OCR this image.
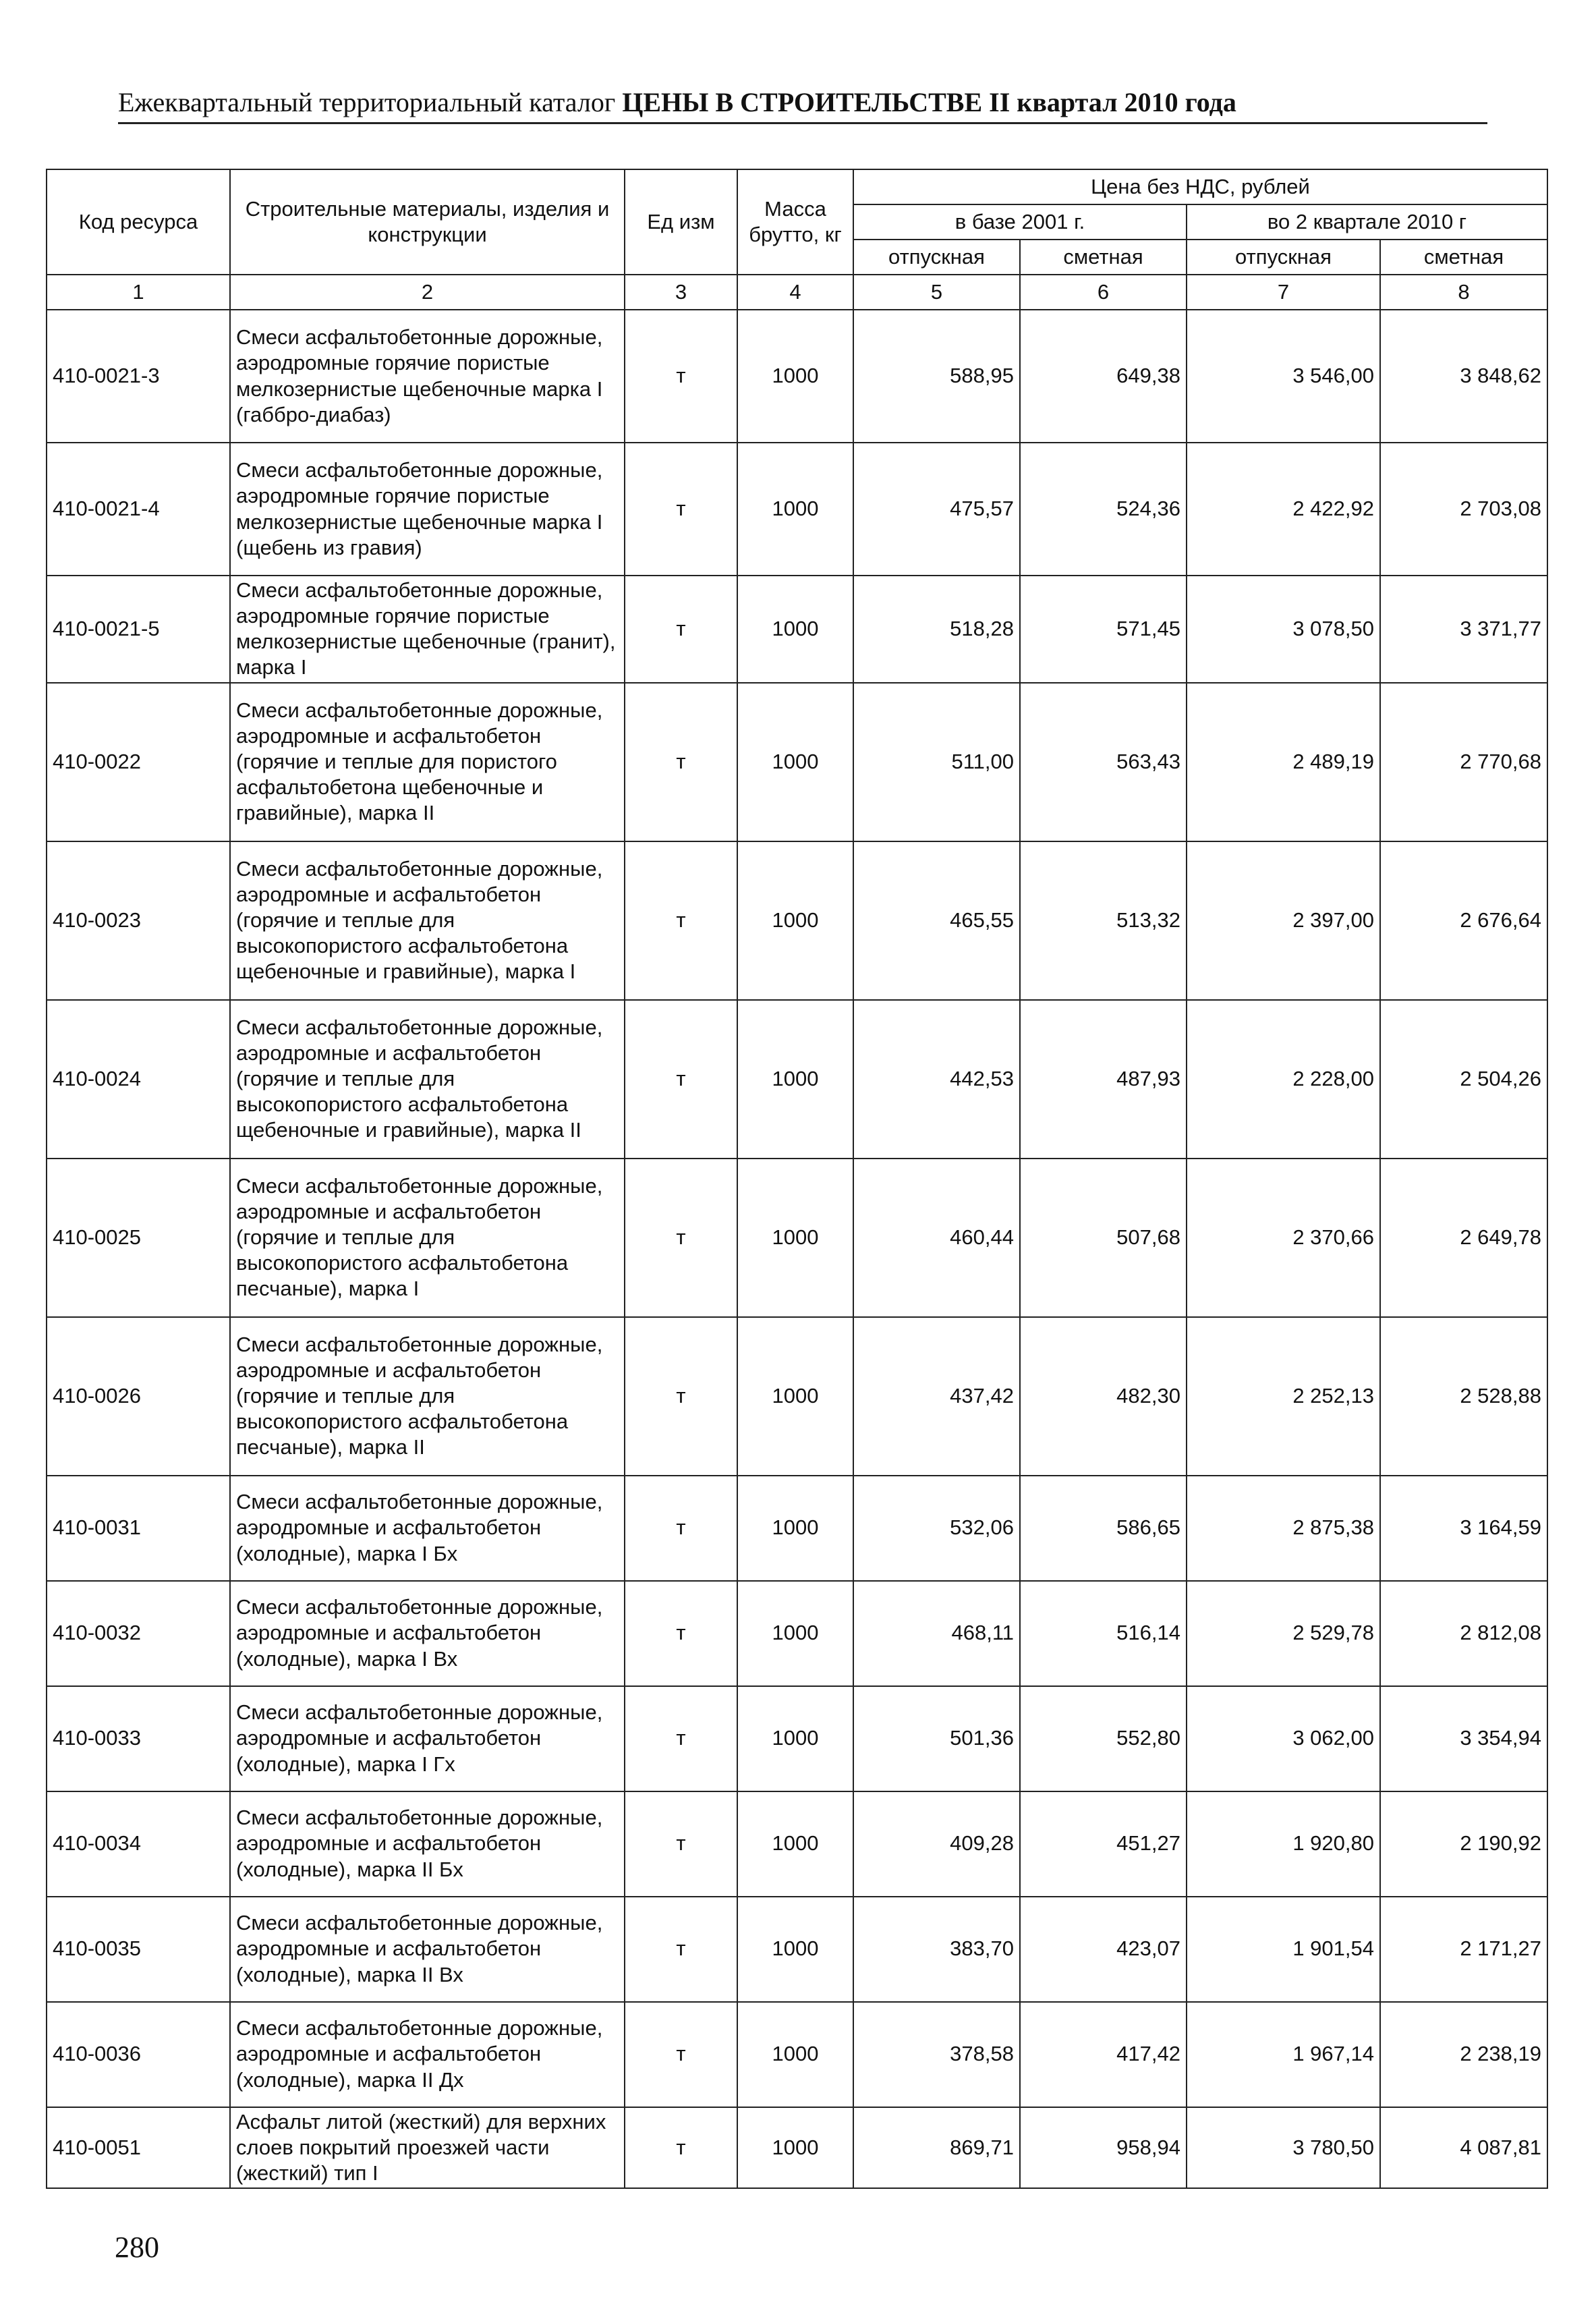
Ежеквартальный территориальный каталог ЦЕНЫ В СТРОИТЕЛЬСТВЕ II квартал 2010 года
Код ресурса	Строительные материалы, изделия и конструкции	Ед изм	Масса брутто, кг	Цена без НДС, рублей			
				в базе 2001 г.		во 2 квартале 2010 г	
				отпускная	сметная	отпускная	сметная
1	2	3	4	5	6	7	8
410-0021-3	Смеси асфальтобетонные дорожные, аэродромные горячие пористые мелкозернистые щебеночные марка I (габбро-диабаз)	т	1000	588,95	649,38	3 546,00	3 848,62
410-0021-4	Смеси асфальтобетонные дорожные, аэродромные горячие пористые мелкозернистые щебеночные марка I (щебень из гравия)	т	1000	475,57	524,36	2 422,92	2 703,08
410-0021-5	Смеси асфальтобетонные дорожные, аэродромные горячие пористые мелкозернистые щебеночные (гранит), марка I	т	1000	518,28	571,45	3 078,50	3 371,77
410-0022	Смеси асфальтобетонные дорожные, аэродромные и асфальтобетон (горячие и теплые для пористого асфальтобетона щебеночные и гравийные), марка II	т	1000	511,00	563,43	2 489,19	2 770,68
410-0023	Смеси асфальтобетонные дорожные, аэродромные и асфальтобетон (горячие и теплые для высокопористого асфальтобетона щебеночные и гравийные), марка I	т	1000	465,55	513,32	2 397,00	2 676,64
410-0024	Смеси асфальтобетонные дорожные, аэродромные и асфальтобетон (горячие и теплые для высокопористого асфальтобетона щебеночные и гравийные), марка II	т	1000	442,53	487,93	2 228,00	2 504,26
410-0025	Смеси асфальтобетонные дорожные, аэродромные и асфальтобетон (горячие и теплые для высокопористого асфальтобетона песчаные), марка I	т	1000	460,44	507,68	2 370,66	2 649,78
410-0026	Смеси асфальтобетонные дорожные, аэродромные и асфальтобетон (горячие и теплые для высокопористого асфальтобетона песчаные), марка II	т	1000	437,42	482,30	2 252,13	2 528,88
410-0031	Смеси асфальтобетонные дорожные, аэродромные и асфальтобетон (холодные), марка I Бх	т	1000	532,06	586,65	2 875,38	3 164,59
410-0032	Смеси асфальтобетонные дорожные, аэродромные и асфальтобетон (холодные), марка I Вх	т	1000	468,11	516,14	2 529,78	2 812,08
410-0033	Смеси асфальтобетонные дорожные, аэродромные и асфальтобетон (холодные), марка I Гх	т	1000	501,36	552,80	3 062,00	3 354,94
410-0034	Смеси асфальтобетонные дорожные, аэродромные и асфальтобетон (холодные), марка II Бх	т	1000	409,28	451,27	1 920,80	2 190,92
410-0035	Смеси асфальтобетонные дорожные, аэродромные и асфальтобетон (холодные), марка II Вх	т	1000	383,70	423,07	1 901,54	2 171,27
410-0036	Смеси асфальтобетонные дорожные, аэродромные и асфальтобетон (холодные), марка II Дх	т	1000	378,58	417,42	1 967,14	2 238,19
410-0051	Асфальт литой (жесткий) для верхних слоев покрытий проезжей части (жесткий) тип I	т	1000	869,71	958,94	3 780,50	4 087,81
280
